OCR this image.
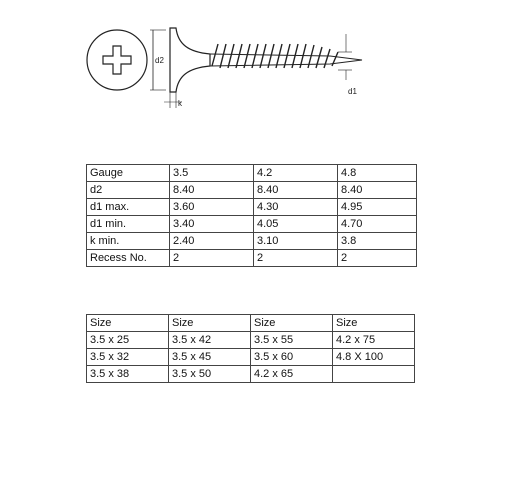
d2
k
d1
Gauge	3.5	4.2	4.8
d2	8.40	8.40	8.40
d1 max.	3.60	4.30	4.95
d1 min.	3.40	4.05	4.70
k min.	2.40	3.10	3.8
Recess No.	2	2	2
Size	Size	Size	Size
3.5 x 25	3.5 x 42	3.5 x 55	4.2 x 75
3.5 x 32	3.5 x 45	3.5 x 60	4.8 X 100
3.5 x 38	3.5 x 50	4.2 x 65	
